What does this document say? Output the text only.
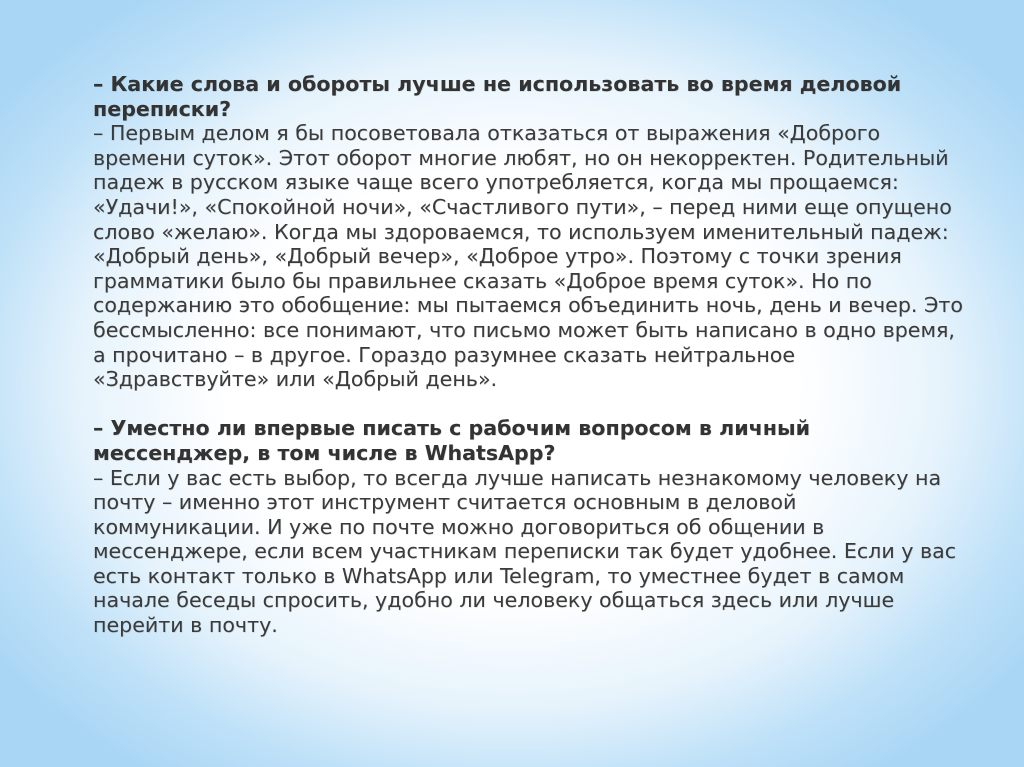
– Какие слова и обороты лучше не использовать во время деловой переписки?

– Первым делом я бы посоветовала отказаться от выражения «Доброго времени суток». Этот оборот многие любят, но он некорректен. Родительный падеж в русском языке чаще всего употребляется, когда мы прощаемся: «Удачи!», «Спокойной ночи», «Счастливого пути», – перед ними еще опущено слово «желаю». Когда мы здороваемся, то используем именительный падеж: «Добрый день», «Добрый вечер», «Доброе утро». Поэтому с точки зрения грамматики было бы правильнее сказать «Доброе время суток». Но по содержанию это обобщение: мы пытаемся объединить ночь, день и вечер. Это бессмысленно: все понимают, что письмо может быть написано в одно время, а прочитано – в другое. Гораздо разумнее сказать нейтральное «Здравствуйте» или «Добрый день».

– Уместно ли впервые писать с рабочим вопросом в личный мессенджер, в том числе в WhatsApp?

– Если у вас есть выбор, то всегда лучше написать незнакомому человеку на почту – именно этот инструмент считается основным в деловой коммуникации. И уже по почте можно договориться об общении в мессенджере, если всем участникам переписки так будет удобнее. Если у вас есть контакт только в WhatsApp или Telegram, то уместнее будет в самом начале беседы спросить, удобно ли человеку общаться здесь или лучше перейти в почту.
